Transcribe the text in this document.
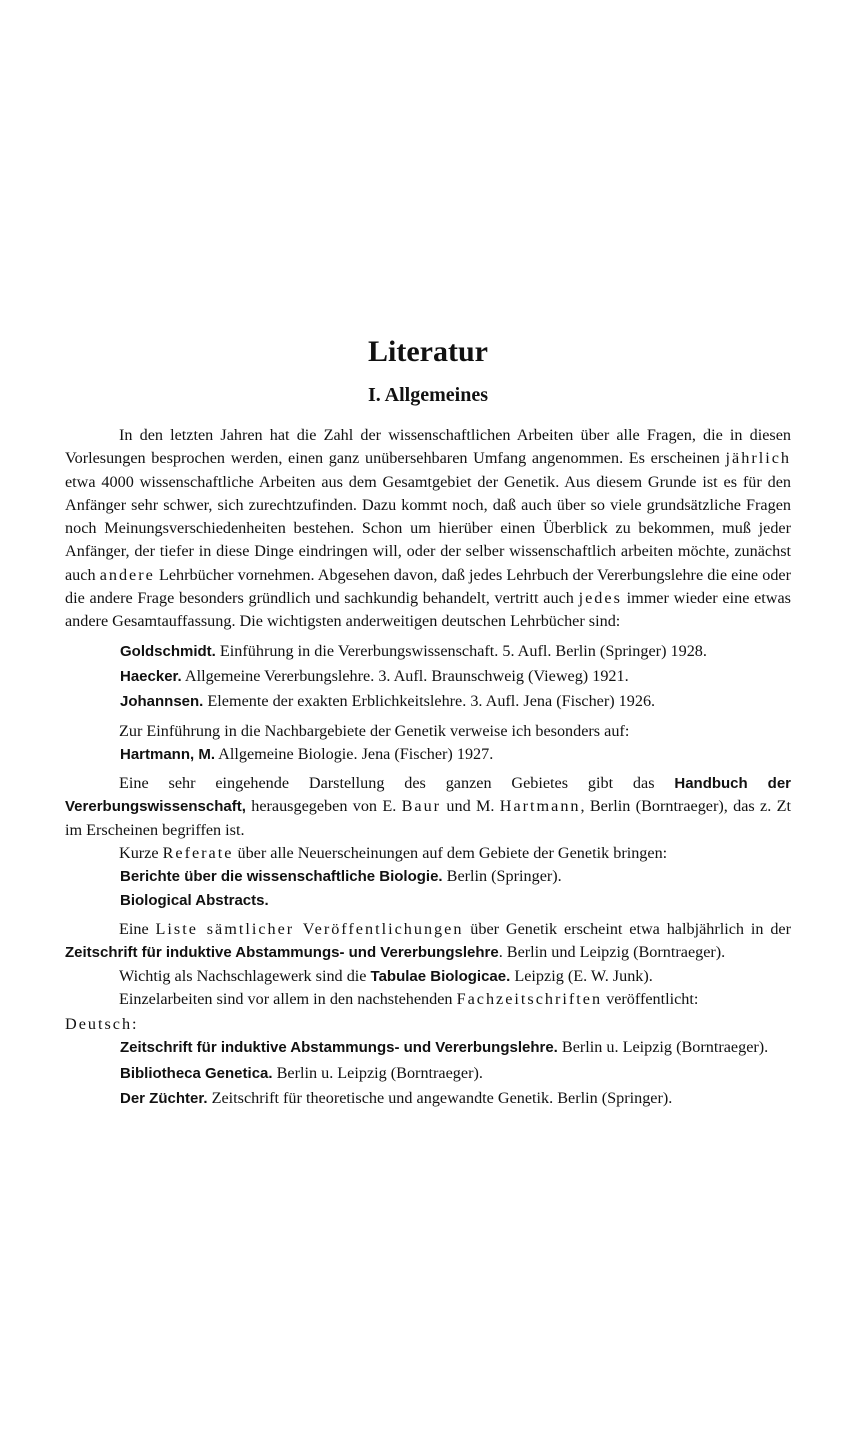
Literatur
I. Allgemeines

In den letzten Jahren hat die Zahl der wissenschaftlichen Arbeiten über alle Fragen, die in diesen Vorlesungen besprochen werden, einen ganz unübersehbaren Umfang angenommen. Es erscheinen jährlich etwa 4000 wissenschaftliche Arbeiten aus dem Gesamtgebiet der Genetik. Aus diesem Grunde ist es für den Anfänger sehr schwer, sich zurechtzufinden. Dazu kommt noch, daß auch über so viele grundsätzliche Fragen noch Meinungsverschiedenheiten bestehen. Schon um hierüber einen Überblick zu bekommen, muß jeder Anfänger, der tiefer in diese Dinge eindringen will, oder der selber wissenschaftlich arbeiten möchte, zunächst auch andere Lehrbücher vornehmen. Abgesehen davon, daß jedes Lehrbuch der Vererbungslehre die eine oder die andere Frage besonders gründlich und sachkundig behandelt, vertritt auch jedes immer wieder eine etwas andere Gesamtauffassung. Die wichtigsten anderweitigen deutschen Lehrbücher sind:

Goldschmidt. Einführung in die Vererbungswissenschaft. 5. Aufl. Berlin (Springer) 1928.

Haecker. Allgemeine Vererbungslehre. 3. Aufl. Braunschweig (Vieweg) 1921.

Johannsen. Elemente der exakten Erblichkeitslehre. 3. Aufl. Jena (Fischer) 1926.

Zur Einführung in die Nachbargebiete der Genetik verweise ich besonders auf:

Hartmann, M. Allgemeine Biologie. Jena (Fischer) 1927.

Eine sehr eingehende Darstellung des ganzen Gebietes gibt das Handbuch der Vererbungswissenschaft, herausgegeben von E. Baur und M. Hartmann, Berlin (Borntraeger), das z. Zt im Erscheinen begriffen ist.

Kurze Referate über alle Neuerscheinungen auf dem Gebiete der Genetik bringen:

Berichte über die wissenschaftliche Biologie. Berlin (Springer).

Biological Abstracts.

Eine Liste sämtlicher Veröffentlichungen über Genetik erscheint etwa halbjährlich in der Zeitschrift für induktive Abstammungs- und Vererbungslehre. Berlin und Leipzig (Borntraeger).

Wichtig als Nachschlagewerk sind die Tabulae Biologicae. Leipzig (E. W. Junk).

Einzelarbeiten sind vor allem in den nachstehenden Fachzeitschriften veröffentlicht:

Deutsch:

Zeitschrift für induktive Abstammungs- und Vererbungslehre. Berlin u. Leipzig (Borntraeger).

Bibliotheca Genetica. Berlin u. Leipzig (Borntraeger).

Der Züchter. Zeitschrift für theoretische und angewandte Genetik. Berlin (Springer).
